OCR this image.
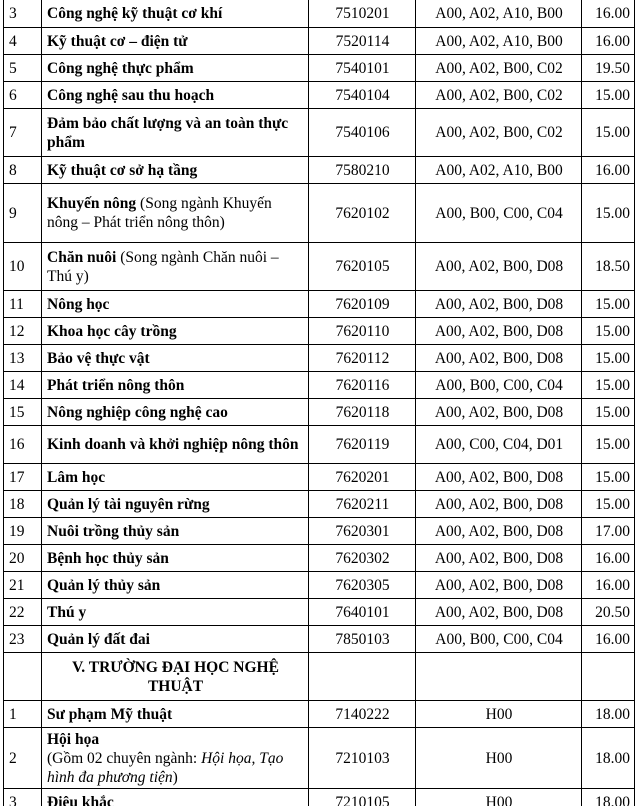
3	Công nghệ kỹ thuật cơ khí	7510201	A00, A02, A10, B00	16.00
4	Kỹ thuật cơ – điện tử	7520114	A00, A02, A10, B00	16.00
5	Công nghệ thực phẩm	7540101	A00, A02, B00, C02	19.50
6	Công nghệ sau thu hoạch	7540104	A00, A02, B00, C02	15.00
7	Đảm bảo chất lượng và an toàn thực phẩm	7540106	A00, A02, B00, C02	15.00
8	Kỹ thuật cơ sở hạ tầng	7580210	A00, A02, A10, B00	16.00
9	Khuyến nông (Song ngành Khuyến nông – Phát triển nông thôn)	7620102	A00, B00, C00, C04	15.00
10	Chăn nuôi (Song ngành Chăn nuôi – Thú y)	7620105	A00, A02, B00, D08	18.50
11	Nông học	7620109	A00, A02, B00, D08	15.00
12	Khoa học cây trồng	7620110	A00, A02, B00, D08	15.00
13	Bảo vệ thực vật	7620112	A00, A02, B00, D08	15.00
14	Phát triển nông thôn	7620116	A00, B00, C00, C04	15.00
15	Nông nghiệp công nghệ cao	7620118	A00, A02, B00, D08	15.00
16	Kinh doanh và khởi nghiệp nông thôn	7620119	A00, C00, C04, D01	15.00
17	Lâm học	7620201	A00, A02, B00, D08	15.00
18	Quản lý tài nguyên rừng	7620211	A00, A02, B00, D08	15.00
19	Nuôi trồng thủy sản	7620301	A00, A02, B00, D08	17.00
20	Bệnh học thủy sản	7620302	A00, A02, B00, D08	16.00
21	Quản lý thủy sản	7620305	A00, A02, B00, D08	16.00
22	Thú y	7640101	A00, A02, B00, D08	20.50
23	Quản lý đất đai	7850103	A00, B00, C00, C04	16.00
	V. TRƯỜNG ĐẠI HỌC NGHỆ THUẬT			
1	Sư phạm Mỹ thuật	7140222	H00	18.00
2	Hội họa
(Gồm 02 chuyên ngành: Hội họa, Tạo hình đa phương tiện)	7210103	H00	18.00
3	Điêu khắc	7210105	H00	18.00
